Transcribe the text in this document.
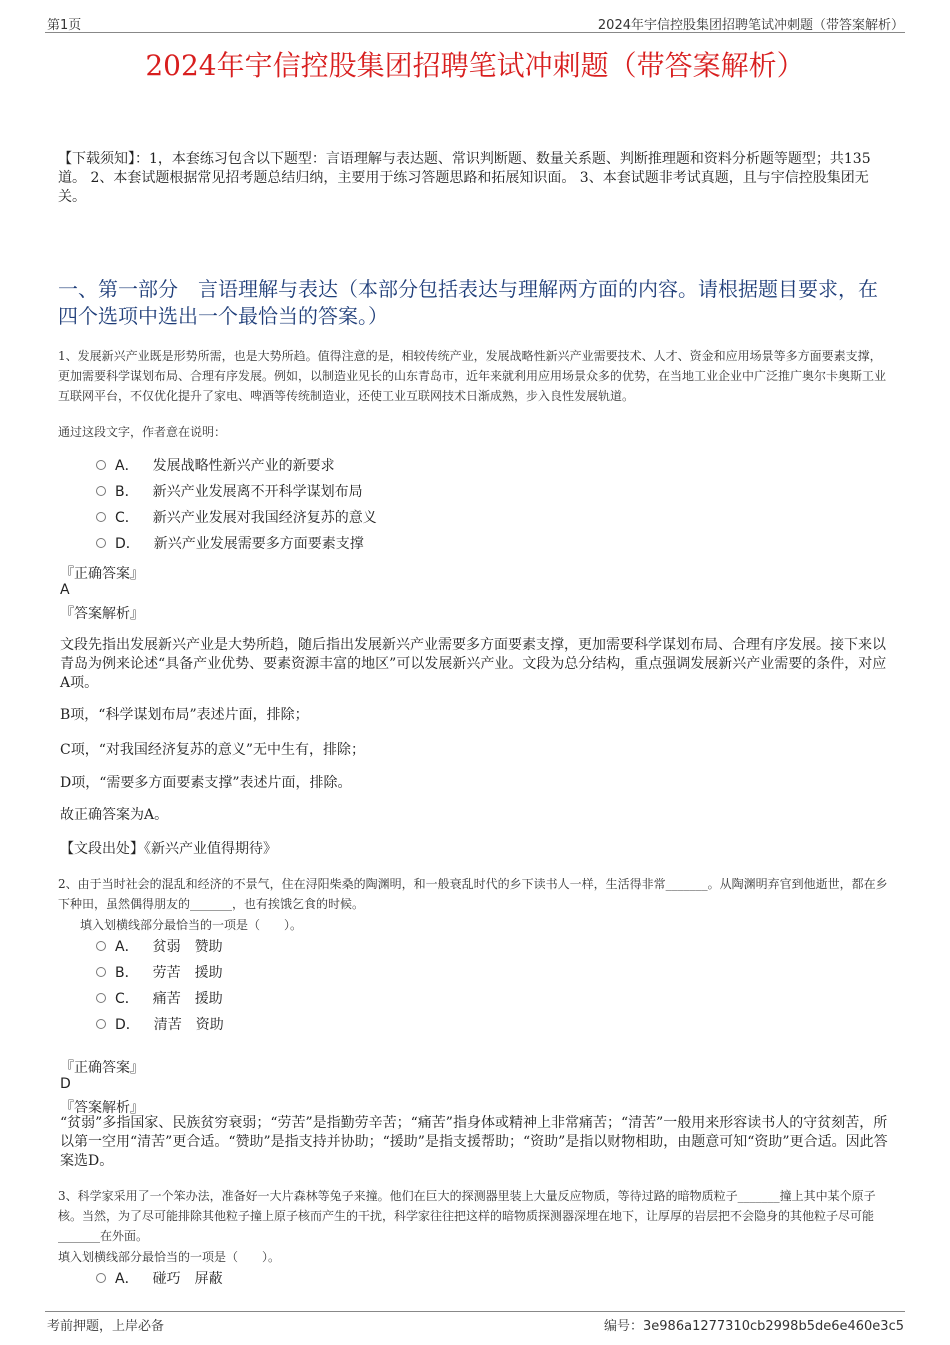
第1页	2024年宇信控股集团招聘笔试冲刺题（带答案解析）
2024年宇信控股集团招聘笔试冲刺题（带答案解析）
【下载须知】：1，本套练习包含以下题型：言语理解与表达题、常识判断题、数量关系题、判断推理题和资料分析题等题型；共135道。 2、本套试题根据常见招考题总结归纳，主要用于练习答题思路和拓展知识面。 3、本套试题非考试真题，且与宇信控股集团无关。
一、第一部分　言语理解与表达（本部分包括表达与理解两方面的内容。请根据题目要求，在四个选项中选出一个最恰当的答案。）
1、发展新兴产业既是形势所需，也是大势所趋。值得注意的是，相较传统产业，发展战略性新兴产业需要技术、人才、资金和应用场景等多方面要素支撑，更加需要科学谋划布局、合理有序发展。例如，以制造业见长的山东青岛市，近年来就利用应用场景众多的优势，在当地工业企业中广泛推广奥尔卡奥斯工业互联网平台，不仅优化提升了家电、啤酒等传统制造业，还使工业互联网技术日渐成熟，步入良性发展轨道。
通过这段文字，作者意在说明：
A． 发展战略性新兴产业的新要求
B． 新兴产业发展离不开科学谋划布局
C． 新兴产业发展对我国经济复苏的意义
D． 新兴产业发展需要多方面要素支撑
『正确答案』
A
『答案解析』
文段先指出发展新兴产业是大势所趋，随后指出发展新兴产业需要多方面要素支撑，更加需要科学谋划布局、合理有序发展。接下来以青岛为例来论述“具备产业优势、要素资源丰富的地区”可以发展新兴产业。文段为总分结构，重点强调发展新兴产业需要的条件，对应A项。
B项，“科学谋划布局”表述片面，排除；
C项，“对我国经济复苏的意义”无中生有，排除；
D项，“需要多方面要素支撑”表述片面，排除。
故正确答案为A。
【文段出处】《新兴产业值得期待》
2、由于当时社会的混乱和经济的不景气，住在浔阳柴桑的陶渊明，和一般衰乱时代的乡下读书人一样，生活得非常_______。从陶渊明弃官到他逝世，都在乡下种田，虽然偶得朋友的_______，也有挨饿乞食的时候。
填入划横线部分最恰当的一项是（　　）。
A． 贫弱　赞助
B． 劳苦　援助
C． 痛苦　援助
D． 清苦　资助
『正确答案』
D
『答案解析』
“贫弱”多指国家、民族贫穷衰弱；“劳苦”是指勤劳辛苦；“痛苦”指身体或精神上非常痛苦；“清苦”一般用来形容读书人的守贫刻苦，所以第一空用“清苦”更合适。“赞助”是指支持并协助；“援助”是指支援帮助；“资助”是指以财物相助，由题意可知“资助”更合适。因此答案选D。
3、科学家采用了一个笨办法，准备好一大片森林等兔子来撞。他们在巨大的探测器里装上大量反应物质，等待过路的暗物质粒子_______撞上其中某个原子核。当然，为了尽可能排除其他粒子撞上原子核而产生的干扰，科学家往往把这样的暗物质探测器深埋在地下，让厚厚的岩层把不会隐身的其他粒子尽可能_______在外面。
填入划横线部分最恰当的一项是（　　）。
A． 碰巧　屏蔽
考前押题，上岸必备	编号：3e986a1277310cb2998b5de6e460e3c5
